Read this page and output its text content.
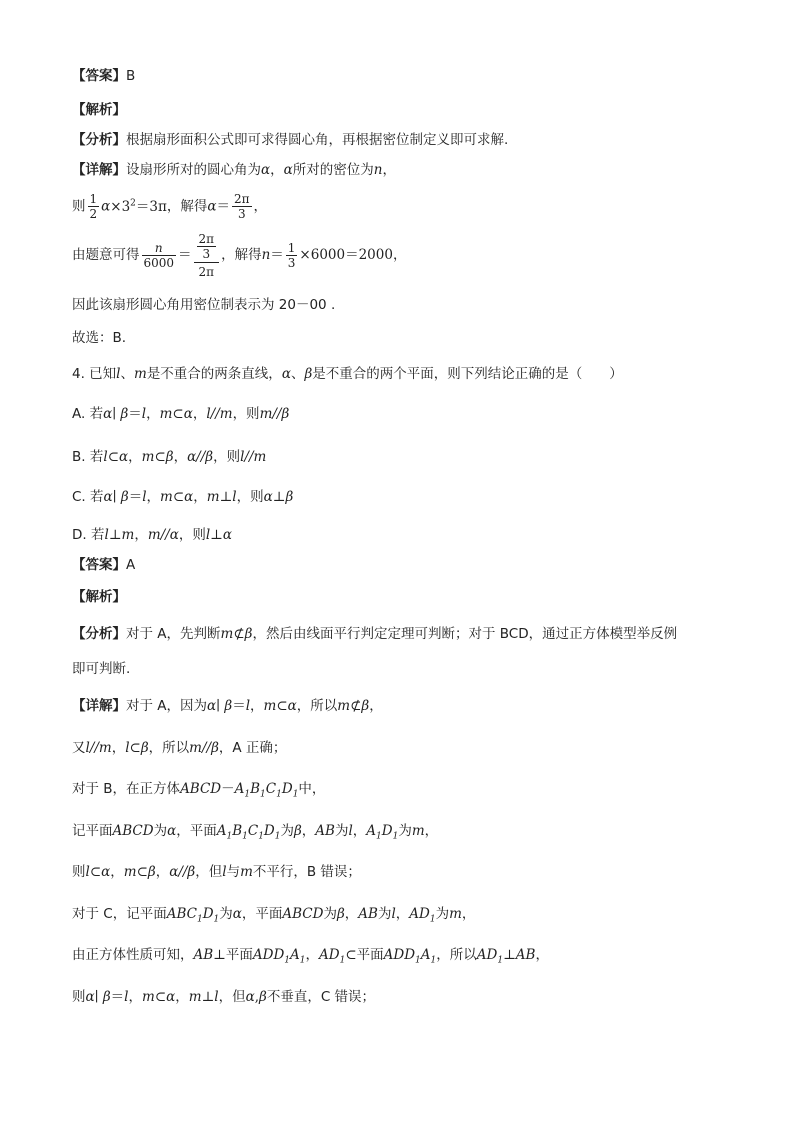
【答案】B
【解析】
【分析】根据扇形面积公式即可求得圆心角，再根据密位制定义即可求解.
【详解】设扇形所对的圆心角为α，α所对的密位为n，
则 $\frac{1}{2} \alpha\times 3^2=3\pi$，解得$\alpha= \frac{2\pi}{3}$ ，
由题意可得 $\frac{n}{6000} = \frac{\frac{2\pi}{3}}{2\pi}$ ，解得$n= \frac{1}{3} \times 6000=2000$，
因此该扇形圆心角用密位制表示为 20－00 .
故选：B.
4. 已知l、m是不重合的两条直线，α、β是不重合的两个平面，则下列结论正确的是（　　）
A. 若α∣ β＝l，m⊂α，l//m，则m//β
B. 若l⊂α，m⊂β，α//β，则l//m
C. 若α∣ β＝l，m⊂α，m⊥l，则α⊥β
D. 若l⊥m，m//α，则l⊥α
【答案】A
【解析】
【分析】对于 A，先判断m⊄β，然后由线面平行判定定理可判断；对于 BCD，通过正方体模型举反例
即可判断.
【详解】对于 A，因为α∣ β＝l，m⊂α，所以m⊄β，
又l//m，l⊂β，所以m//β，A 正确；
对于 B，在正方体$ABCD-A_1B_1C_1D_1$中，
记平面ABCD为α，平面$A_1B_1C_1D_1$为β，AB为l，$A_1D_1$为m，
则l⊂α，m⊂β，α//β，但l与m不平行，B 错误；
对于 C，记平面$ABC_1D_1$为α，平面ABCD为β，AB为l，$AD_1$为m，
由正方体性质可知，AB⊥平面$ADD_1A_1$，$AD_1\subset$平面$ADD_1A_1$，所以$AD_1\perp AB$，
则α∣ β＝l，m⊂α，m⊥l，但α,β不垂直，C 错误；
